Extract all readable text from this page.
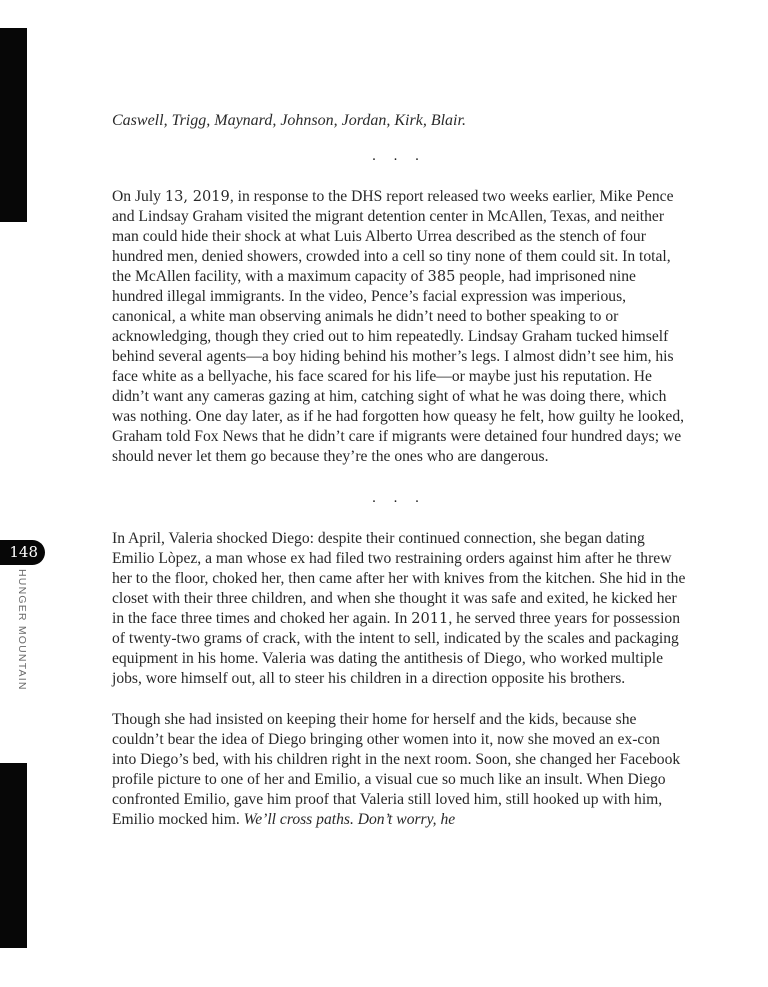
148
HUNGER MOUNTAIN

Caswell, Trigg, Maynard, Johnson, Jordan, Kirk, Blair.

. . .

On July 13, 2019, in response to the DHS report released two weeks earlier, Mike Pence and Lindsay Graham visited the migrant detention center in McAllen, Texas, and neither man could hide their shock at what Luis Alberto Urrea described as the stench of four hundred men, denied showers, crowded into a cell so tiny none of them could sit. In total, the McAllen facility, with a maximum capacity of 385 people, had imprisoned nine hundred illegal immigrants. In the video, Pence’s facial expression was imperious, canonical, a white man observing animals he didn’t need to bother speaking to or acknowledging, though they cried out to him repeatedly. Lindsay Graham tucked himself behind several agents—a boy hiding behind his mother’s legs. I almost didn’t see him, his face white as a bellyache, his face scared for his life—or maybe just his reputation. He didn’t want any cameras gazing at him, catching sight of what he was doing there, which was nothing. One day later, as if he had forgotten how queasy he felt, how guilty he looked, Graham told Fox News that he didn’t care if migrants were detained four hundred days; we should never let them go because they’re the ones who are dangerous.

. . .

In April, Valeria shocked Diego: despite their continued connection, she began dating Emilio Lòpez, a man whose ex had filed two restraining orders against him after he threw her to the floor, choked her, then came after her with knives from the kitchen. She hid in the closet with their three children, and when she thought it was safe and exited, he kicked her in the face three times and choked her again. In 2011, he served three years for possession of twenty-two grams of crack, with the intent to sell, indicated by the scales and packaging equipment in his home. Valeria was dating the antithesis of Diego, who worked multiple jobs, wore himself out, all to steer his children in a direction opposite his brothers.

Though she had insisted on keeping their home for herself and the kids, because she couldn’t bear the idea of Diego bringing other women into it, now she moved an ex-con into Diego’s bed, with his children right in the next room. Soon, she changed her Facebook profile picture to one of her and Emilio, a visual cue so much like an insult. When Diego confronted Emilio, gave him proof that Valeria still loved him, still hooked up with him, Emilio mocked him. We’ll cross paths. Don’t worry, he
